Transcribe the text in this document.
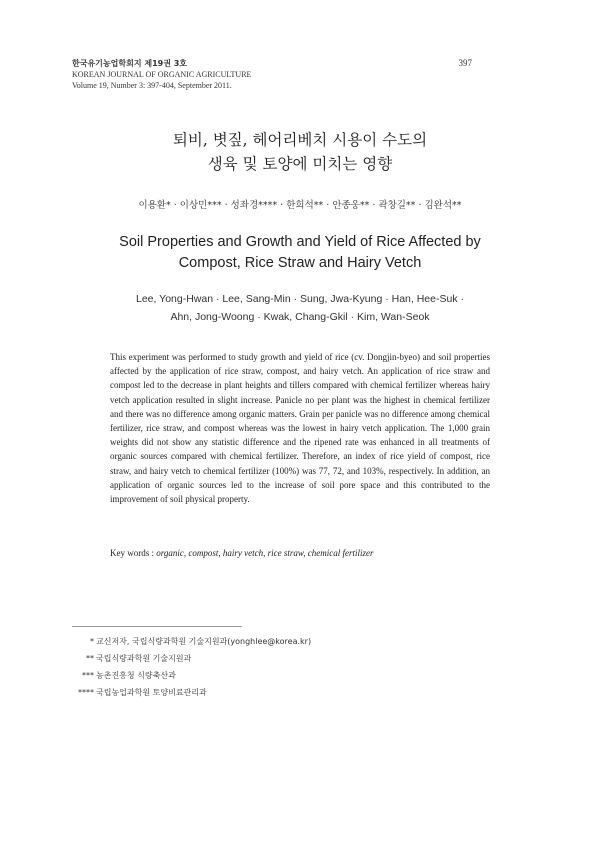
한국유기농업학회지 제19권 3호
KOREAN JOURNAL OF ORGANIC AGRICULTURE
Volume 19, Number 3: 397-404, September 2011.
397
퇴비, 볏짚, 헤어리베치 시용이 수도의
생육 및 토양에 미치는 영향
이용환* · 이상민*** · 성좌경**** · 한희석** · 안종웅** · 곽창길** · 김완석**
Soil Properties and Growth and Yield of Rice Affected by
Compost, Rice Straw and Hairy Vetch
Lee, Yong-Hwan · Lee, Sang-Min · Sung, Jwa-Kyung · Han, Hee-Suk ·
Ahn, Jong-Woong · Kwak, Chang-Gkil · Kim, Wan-Seok
This experiment was performed to study growth and yield of rice (cv. Dongjin-byeo) and soil properties affected by the application of rice straw, compost, and hairy vetch. An application of rice straw and compost led to the decrease in plant heights and tillers compared with chemical fertilizer whereas hairy vetch application resulted in slight increase. Panicle no per plant was the highest in chemical fertilizer and there was no difference among organic matters. Grain per panicle was no difference among chemical fertilizer, rice straw, and compost whereas was the lowest in hairy vetch application. The 1,000 grain weights did not show any statistic difference and the ripened rate was enhanced in all treatments of organic sources compared with chemical fertilizer. Therefore, an index of rice yield of compost, rice straw, and hairy vetch to chemical fertilizer (100%) was 77, 72, and 103%, respectively. In addition, an application of organic sources led to the increase of soil pore space and this contributed to the improvement of soil physical property.
Key words : organic, compost, hairy vetch, rice straw, chemical fertilizer
* 교신저자, 국립식량과학원 기술지원과(yonghlee@korea.kr)
** 국립식량과학원 기술지원과
*** 농촌진흥청 식량축산과
**** 국립농업과학원 토양비료관리과
